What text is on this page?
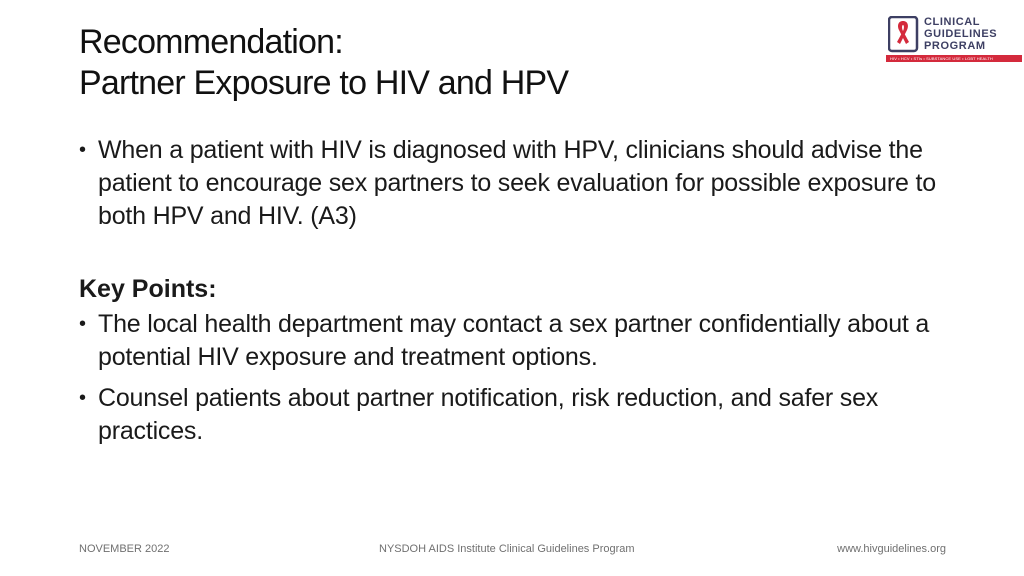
Recommendation:
Partner Exposure to HIV and HPV
CLINICAL
GUIDELINES
PROGRAM
HIV • HCV • STIs • SUBSTANCE USE • LGBT HEALTH
• When a patient with HIV is diagnosed with HPV, clinicians should advise the patient to encourage sex partners to seek evaluation for possible exposure to both HPV and HIV. (A3)
Key Points:
• The local health department may contact a sex partner confidentially about a potential HIV exposure and treatment options.
• Counsel patients about partner notification, risk reduction, and safer sex practices.
NOVEMBER 2022	NYSDOH AIDS Institute Clinical Guidelines Program	www.hivguidelines.org
